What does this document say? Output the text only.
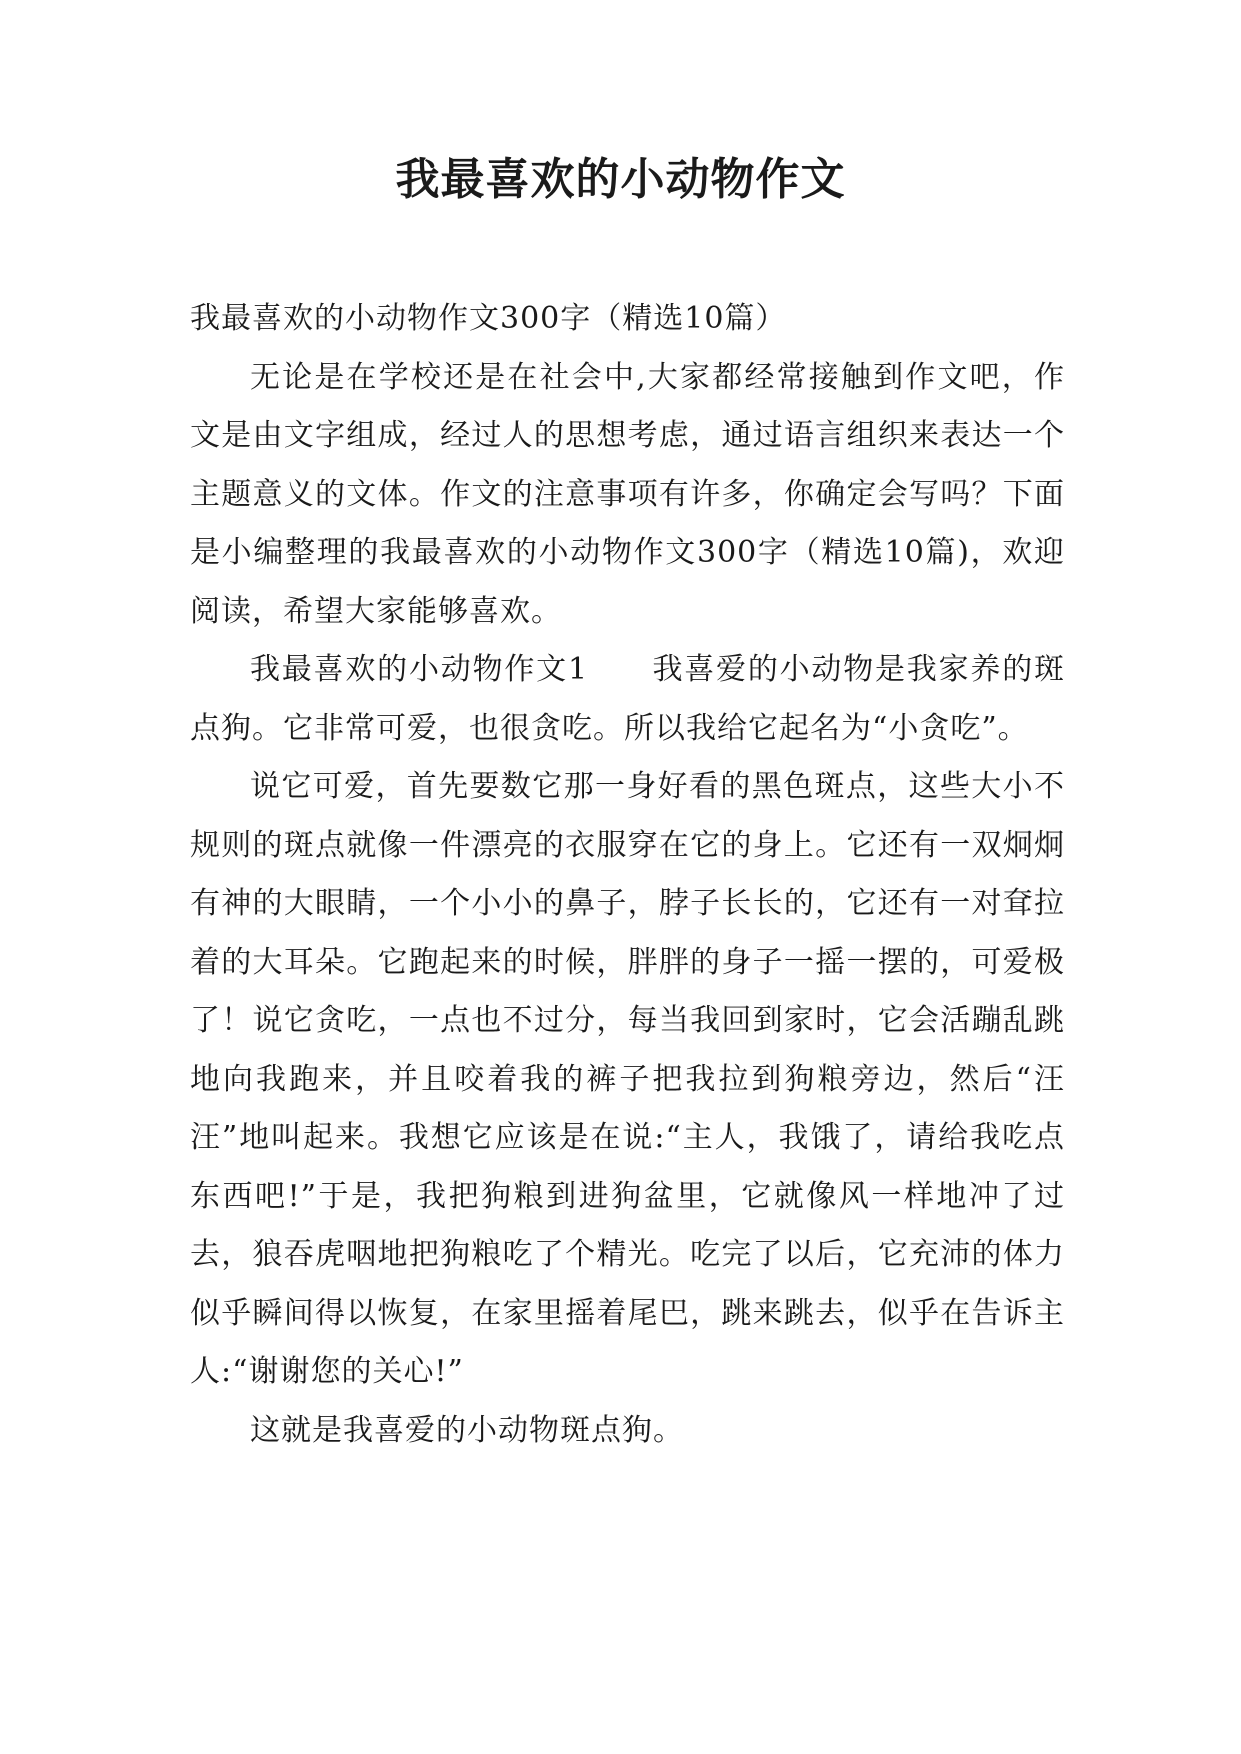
我最喜欢的小动物作文

我最喜欢的小动物作文300字（精选10篇）

无论是在学校还是在社会中,大家都经常接触到作文吧，作文是由文字组成，经过人的思想考虑，通过语言组织来表达一个主题意义的文体。作文的注意事项有许多，你确定会写吗？下面是小编整理的我最喜欢的小动物作文300字（精选10篇)，欢迎阅读，希望大家能够喜欢。

我最喜欢的小动物作文1　　我喜爱的小动物是我家养的斑点狗。它非常可爱，也很贪吃。所以我给它起名为“小贪吃”。

说它可爱，首先要数它那一身好看的黑色斑点，这些大小不规则的斑点就像一件漂亮的衣服穿在它的身上。它还有一双炯炯有神的大眼睛，一个小小的鼻子，脖子长长的，它还有一对耷拉着的大耳朵。它跑起来的时候，胖胖的身子一摇一摆的，可爱极了！说它贪吃，一点也不过分，每当我回到家时，它会活蹦乱跳地向我跑来，并且咬着我的裤子把我拉到狗粮旁边，然后“汪汪”地叫起来。我想它应该是在说:“主人，我饿了，请给我吃点东西吧!”于是，我把狗粮到进狗盆里，它就像风一样地冲了过去，狼吞虎咽地把狗粮吃了个精光。吃完了以后，它充沛的体力似乎瞬间得以恢复，在家里摇着尾巴，跳来跳去，似乎在告诉主人:“谢谢您的关心!”

这就是我喜爱的小动物斑点狗。
